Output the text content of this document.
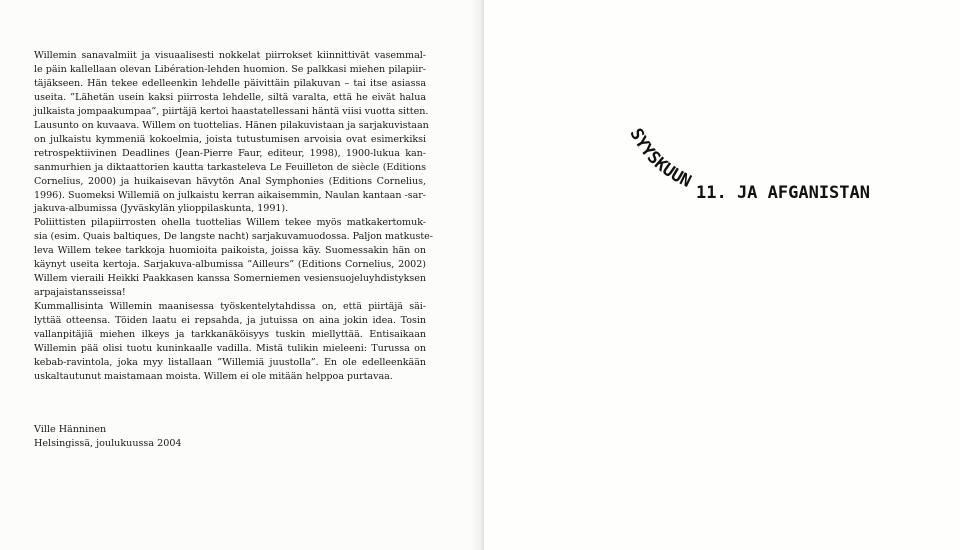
Willemin sanavalmiit ja visuaalisesti nokkelat piirrokset kiinnittivät vasemmal-
le päin kallellaan olevan Libération-lehden huomion. Se palkkasi miehen pilapiir-
täjäkseen. Hän tekee edelleenkin lehdelle päivittäin pilakuvan – tai itse asiassa
useita. ”Lähetän usein kaksi piirrosta lehdelle, siltä varalta, että he eivät halua
julkaista jompaakumpaa”, piirtäjä kertoi haastatellessani häntä viisi vuotta sitten.
Lausunto on kuvaava. Willem on tuottelias. Hänen pilakuvistaan ja sarjakuvistaan
on julkaistu kymmeniä kokoelmia, joista tutustumisen arvoisia ovat esimerkiksi
retrospektiivinen Deadlines (Jean-Pierre Faur, editeur, 1998), 1900-lukua kan-
sanmurhien ja diktaattorien kautta tarkasteleva Le Feuilleton de siècle (Editions
Cornelius, 2000) ja huikaisevan hävytön Anal Symphonies (Editions Cornelius,
1996). Suomeksi Willemiä on julkaistu kerran aikaisemmin, Naulan kantaan -sar-
jakuva-albumissa (Jyväskylän ylioppilaskunta, 1991).
Poliittisten pilapiirrosten ohella tuottelias Willem tekee myös matkakertomuk-
sia (esim. Quais baltiques, De langste nacht) sarjakuvamuodossa. Paljon matkuste-
leva Willem tekee tarkkoja huomioita paikoista, joissa käy. Suomessakin hän on
käynyt useita kertoja. Sarjakuva-albumissa ”Ailleurs” (Editions Cornelius, 2002)
Willem vieraili Heikki Paakkasen kanssa Somerniemen vesiensuojeluyhdistyksen
arpajaistansseissa!
Kummallisinta Willemin maanisessa työskentelytahdissa on, että piirtäjä säi-
lyttää otteensa. Töiden laatu ei repsahda, ja jutuissa on aina jokin idea. Tosin
vallanpitäjiä miehen ilkeys ja tarkkanäköisyys tuskin miellyttää. Entisaikaan
Willemin pää olisi tuotu kuninkaalle vadilla. Mistä tulikin mieleeni: Turussa on
kebab-ravintola, joka myy listallaan ”Willemiä juustolla”. En ole edelleenkään
uskaltautunut maistamaan moista. Willem ei ole mitään helppoa purtavaa.
Ville Hänninen
Helsingissä, joulukuussa 2004
SYYSKUUN
11. JA AFGANISTAN
